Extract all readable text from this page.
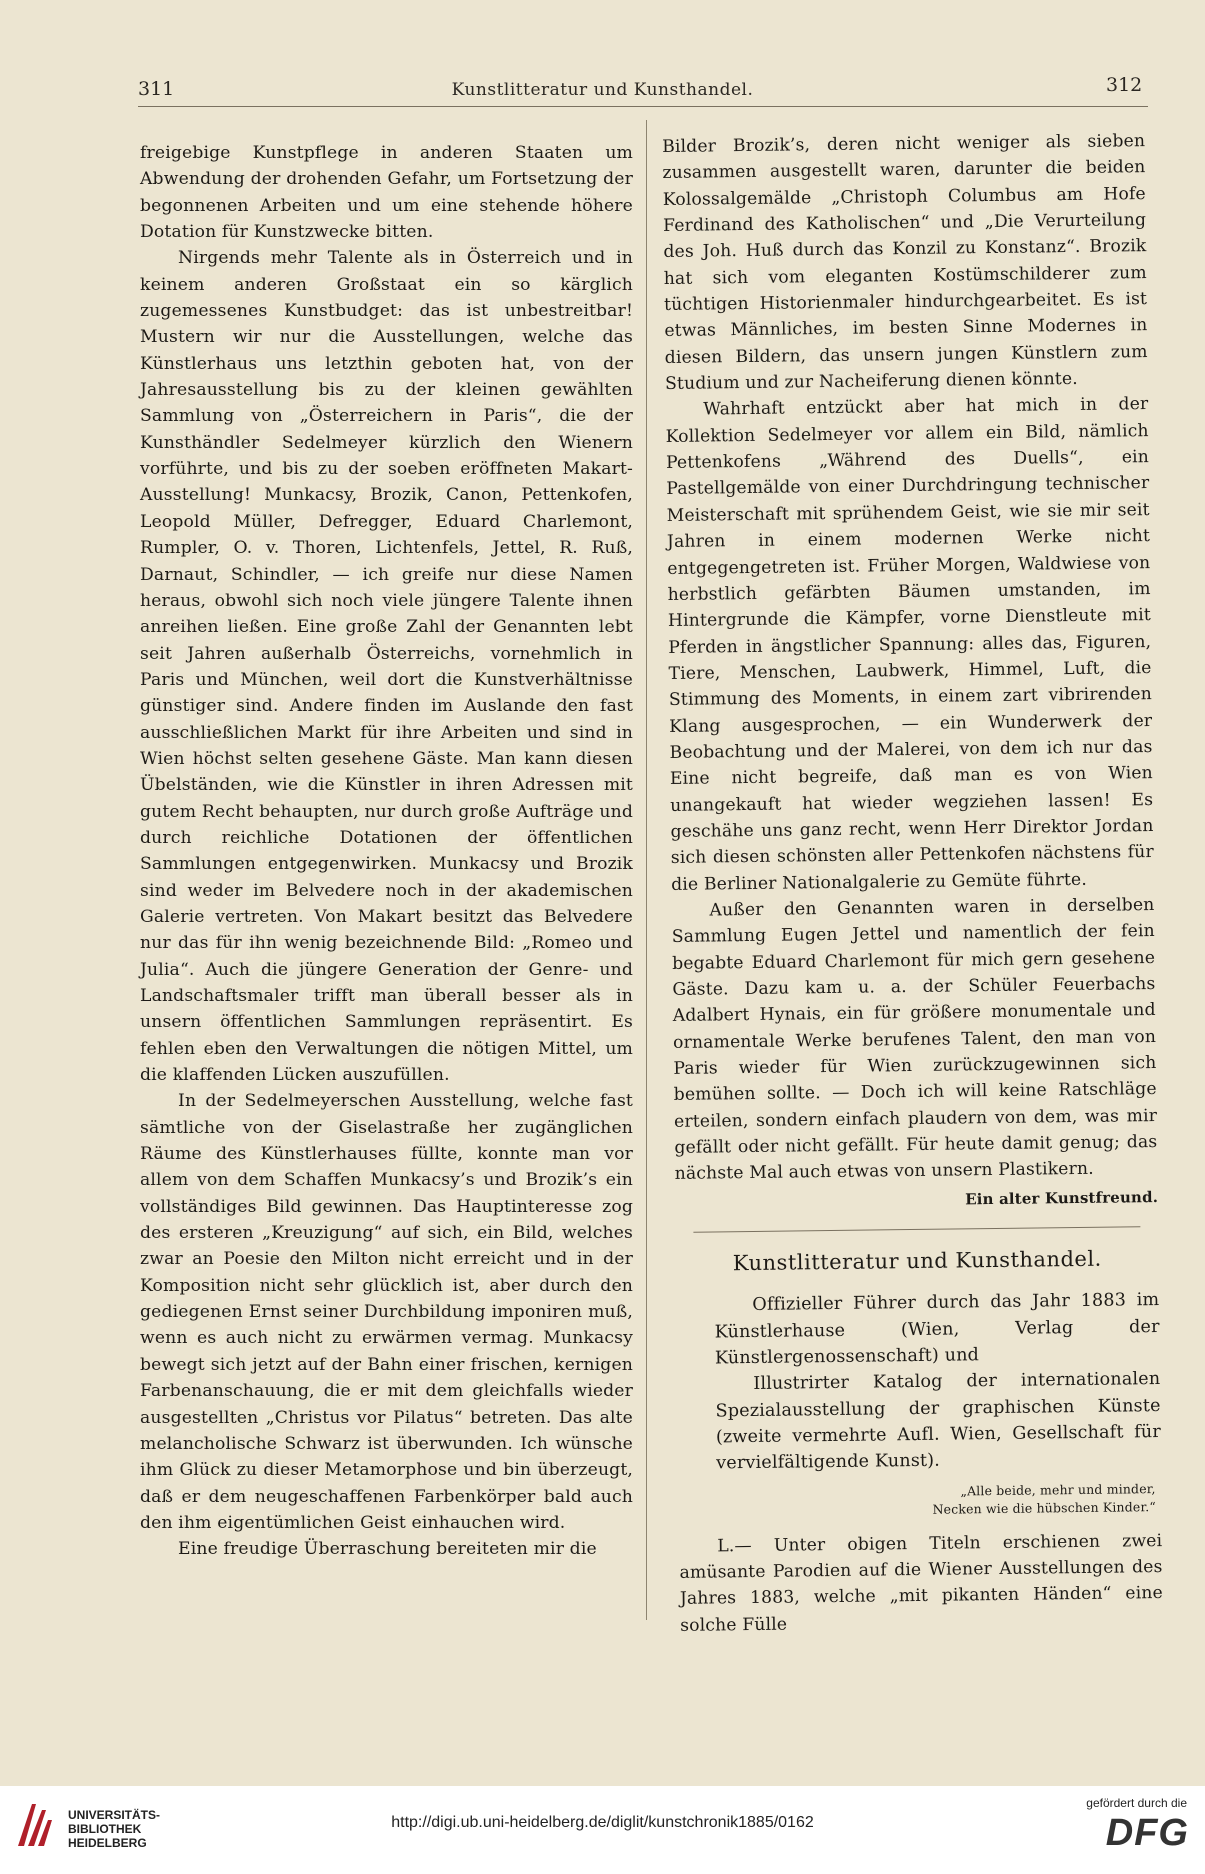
311	Kunstlitteratur und Kunsthandel.	312

freigebige Kunstpflege in anderen Staaten um Abwendung der drohenden Gefahr, um Fortsetzung der begonnenen Arbeiten und um eine stehende höhere Dotation für Kunstzwecke bitten.

Nirgends mehr Talente als in Österreich und in keinem anderen Großstaat ein so kärglich zugemessenes Kunstbudget: das ist unbestreitbar! Mustern wir nur die Ausstellungen, welche das Künstlerhaus uns letzthin geboten hat, von der Jahresausstellung bis zu der kleinen gewählten Sammlung von „Österreichern in Paris“, die der Kunsthändler Sedelmeyer kürzlich den Wienern vorführte, und bis zu der soeben eröffneten Makart-Ausstellung! Munkacsy, Brozik, Canon, Pettenkofen, Leopold Müller, Defregger, Eduard Charlemont, Rumpler, O. v. Thoren, Lichtenfels, Jettel, R. Ruß, Darnaut, Schindler, — ich greife nur diese Namen heraus, obwohl sich noch viele jüngere Talente ihnen anreihen ließen. Eine große Zahl der Genannten lebt seit Jahren außerhalb Österreichs, vornehmlich in Paris und München, weil dort die Kunstverhältnisse günstiger sind. Andere finden im Auslande den fast ausschließlichen Markt für ihre Arbeiten und sind in Wien höchst selten gesehene Gäste. Man kann diesen Übelständen, wie die Künstler in ihren Adressen mit gutem Recht behaupten, nur durch große Aufträge und durch reichliche Dotationen der öffentlichen Sammlungen entgegenwirken. Munkacsy und Brozik sind weder im Belvedere noch in der akademischen Galerie vertreten. Von Makart besitzt das Belvedere nur das für ihn wenig bezeichnende Bild: „Romeo und Julia“. Auch die jüngere Generation der Genre- und Landschaftsmaler trifft man überall besser als in unsern öffentlichen Sammlungen repräsentirt. Es fehlen eben den Verwaltungen die nötigen Mittel, um die klaffenden Lücken auszufüllen.

In der Sedelmeyerschen Ausstellung, welche fast sämtliche von der Giselastraße her zugänglichen Räume des Künstlerhauses füllte, konnte man vor allem von dem Schaffen Munkacsy’s und Brozik’s ein vollständiges Bild gewinnen. Das Hauptinteresse zog des ersteren „Kreuzigung“ auf sich, ein Bild, welches zwar an Poesie den Milton nicht erreicht und in der Komposition nicht sehr glücklich ist, aber durch den gediegenen Ernst seiner Durchbildung imponiren muß, wenn es auch nicht zu erwärmen vermag. Munkacsy bewegt sich jetzt auf der Bahn einer frischen, kernigen Farbenanschauung, die er mit dem gleichfalls wieder ausgestellten „Christus vor Pilatus“ betreten. Das alte melancholische Schwarz ist überwunden. Ich wünsche ihm Glück zu dieser Metamorphose und bin überzeugt, daß er dem neugeschaffenen Farbenkörper bald auch den ihm eigentümlichen Geist einhauchen wird.

Eine freudige Überraschung bereiteten mir die

Bilder Brozik’s, deren nicht weniger als sieben zusammen ausgestellt waren, darunter die beiden Kolossalgemälde „Christoph Columbus am Hofe Ferdinand des Katholischen“ und „Die Verurteilung des Joh. Huß durch das Konzil zu Konstanz“. Brozik hat sich vom eleganten Kostümschilderer zum tüchtigen Historienmaler hindurchgearbeitet. Es ist etwas Männliches, im besten Sinne Modernes in diesen Bildern, das unsern jungen Künstlern zum Studium und zur Nacheiferung dienen könnte.

Wahrhaft entzückt aber hat mich in der Kollektion Sedelmeyer vor allem ein Bild, nämlich Pettenkofens „Während des Duells“, ein Pastellgemälde von einer Durchdringung technischer Meisterschaft mit sprühendem Geist, wie sie mir seit Jahren in einem modernen Werke nicht entgegengetreten ist. Früher Morgen, Waldwiese von herbstlich gefärbten Bäumen umstanden, im Hintergrunde die Kämpfer, vorne Dienstleute mit Pferden in ängstlicher Spannung: alles das, Figuren, Tiere, Menschen, Laubwerk, Himmel, Luft, die Stimmung des Moments, in einem zart vibrirenden Klang ausgesprochen, — ein Wunderwerk der Beobachtung und der Malerei, von dem ich nur das Eine nicht begreife, daß man es von Wien unangekauft hat wieder wegziehen lassen! Es geschähe uns ganz recht, wenn Herr Direktor Jordan sich diesen schönsten aller Pettenkofen nächstens für die Berliner Nationalgalerie zu Gemüte führte.

Außer den Genannten waren in derselben Sammlung Eugen Jettel und namentlich der fein begabte Eduard Charlemont für mich gern gesehene Gäste. Dazu kam u. a. der Schüler Feuerbachs Adalbert Hynais, ein für größere monumentale und ornamentale Werke berufenes Talent, den man von Paris wieder für Wien zurückzugewinnen sich bemühen sollte. — Doch ich will keine Ratschläge erteilen, sondern einfach plaudern von dem, was mir gefällt oder nicht gefällt. Für heute damit genug; das nächste Mal auch etwas von unsern Plastikern.

Ein alter Kunstfreund.
Kunstlitteratur und Kunsthandel.

Offizieller Führer durch das Jahr 1883 im Künstlerhause (Wien, Verlag der Künstlergenossenschaft) und

Illustrirter Katalog der internationalen Spezialausstellung der graphischen Künste (zweite vermehrte Aufl. Wien, Gesellschaft für vervielfältigende Kunst).

„Alle beide, mehr und minder,
Necken wie die hübschen Kinder.“

L.— Unter obigen Titeln erschienen zwei amüsante Parodien auf die Wiener Ausstellungen des Jahres 1883, welche „mit pikanten Händen“ eine solche Fülle

UNIVERSITÄTS-
BIBLIOTHEK
HEIDELBERG
http://digi.ub.uni-heidelberg.de/diglit/kunstchronik1885/0162
gefördert durch die
DFG
